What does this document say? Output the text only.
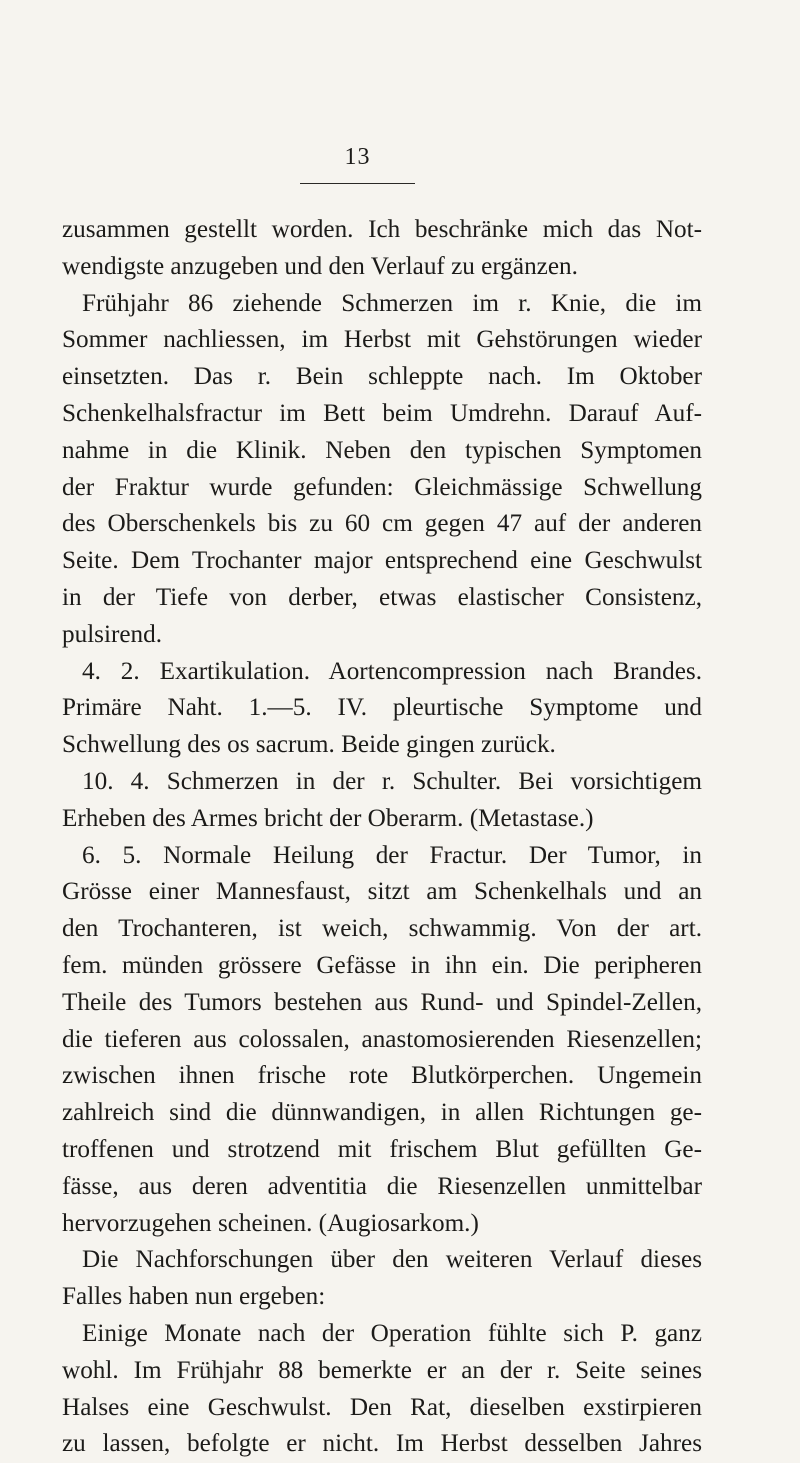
13
zusammen gestellt worden. Ich beschränke mich das Not-
wendigste anzugeben und den Verlauf zu ergänzen.
Frühjahr 86 ziehende Schmerzen im r. Knie, die im
Sommer nachliessen, im Herbst mit Gehstörungen wieder
einsetzten. Das r. Bein schleppte nach. Im Oktober
Schenkelhalsfractur im Bett beim Umdrehn. Darauf Auf-
nahme in die Klinik. Neben den typischen Symptomen
der Fraktur wurde gefunden: Gleichmässige Schwellung
des Oberschenkels bis zu 60 cm gegen 47 auf der anderen
Seite. Dem Trochanter major entsprechend eine Geschwulst
in der Tiefe von derber, etwas elastischer Consistenz,
pulsirend.
4. 2. Exartikulation. Aortencompression nach Brandes.
Primäre Naht. 1.—5. IV. pleurtische Symptome und
Schwellung des os sacrum. Beide gingen zurück.
10. 4. Schmerzen in der r. Schulter. Bei vorsichtigem
Erheben des Armes bricht der Oberarm. (Metastase.)
6. 5. Normale Heilung der Fractur. Der Tumor, in
Grösse einer Mannesfaust, sitzt am Schenkelhals und an
den Trochanteren, ist weich, schwammig. Von der art.
fem. münden grössere Gefässe in ihn ein. Die peripheren
Theile des Tumors bestehen aus Rund- und Spindel-Zellen,
die tieferen aus colossalen, anastomosierenden Riesenzellen;
zwischen ihnen frische rote Blutkörperchen. Ungemein
zahlreich sind die dünnwandigen, in allen Richtungen ge-
troffenen und strotzend mit frischem Blut gefüllten Ge-
fässe, aus deren adventitia die Riesenzellen unmittelbar
hervorzugehen scheinen. (Augiosarkom.)
Die Nachforschungen über den weiteren Verlauf dieses
Falles haben nun ergeben:
Einige Monate nach der Operation fühlte sich P. ganz
wohl. Im Frühjahr 88 bemerkte er an der r. Seite seines
Halses eine Geschwulst. Den Rat, dieselben exstirpieren
zu lassen, befolgte er nicht. Im Herbst desselben Jahres
